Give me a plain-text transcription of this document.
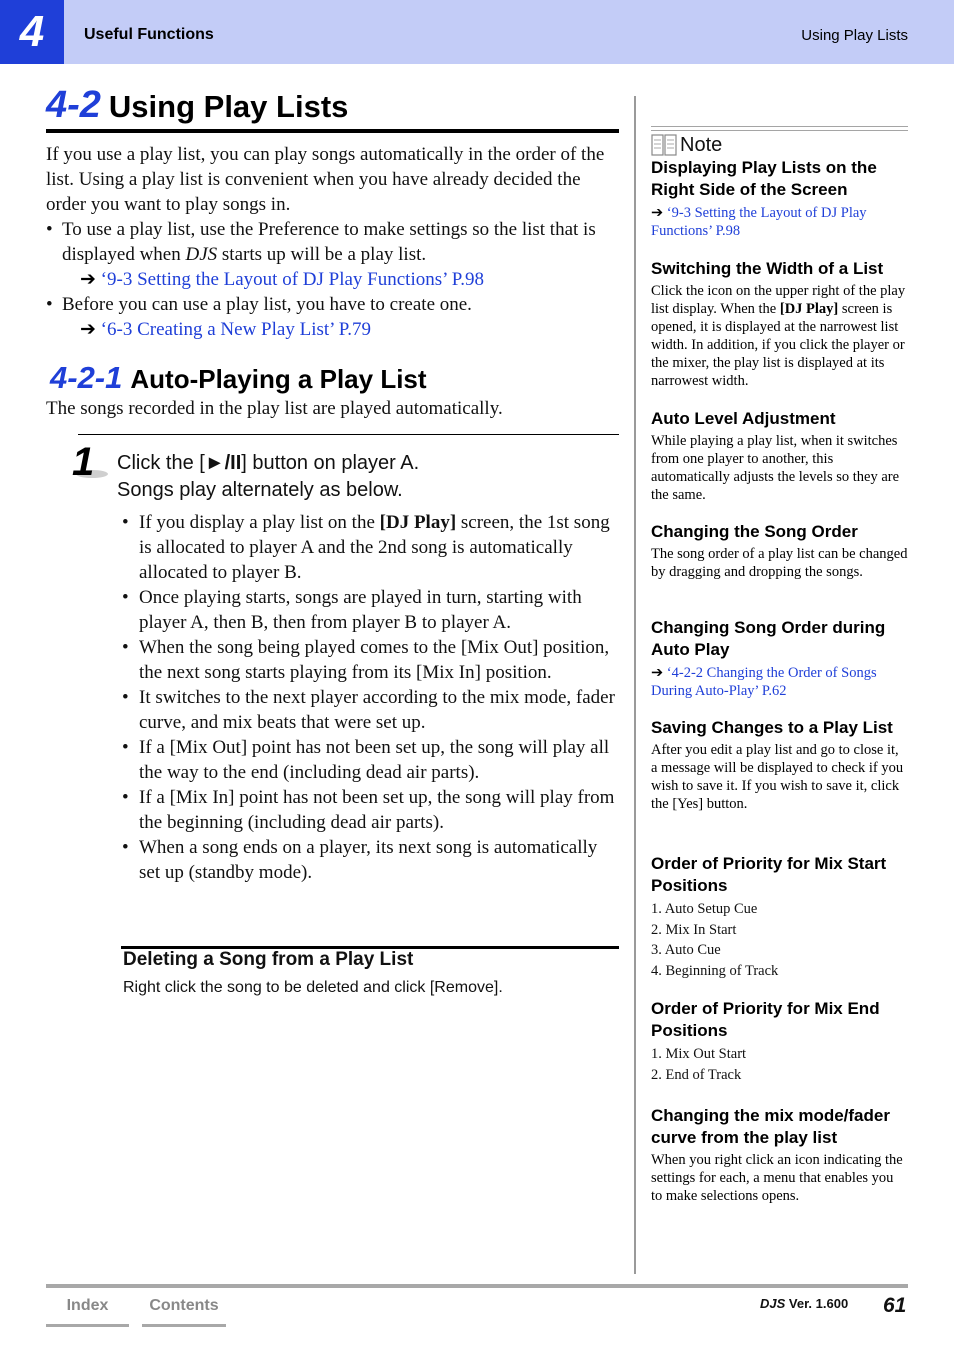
4	Useful Functions	Using Play Lists
4-2 Using Play Lists
If you use a play list, you can play songs automatically in the order of the list. Using a play list is convenient when you have already decided the order you want to play songs in.
• To use a play list, use the Preference to make settings so the list that is displayed when DJS starts up will be a play list.
➔ ‘9-3 Setting the Layout of DJ Play Functions’ P.98
• Before you can use a play list, you have to create one.
➔ ‘6-3 Creating a New Play List’ P.79
4-2-1 Auto-Playing a Play List
The songs recorded in the play list are played automatically.
1 Click the [►/II] button on player A.
Songs play alternately as below.
• If you display a play list on the [DJ Play] screen, the 1st song is allocated to player A and the 2nd song is automatically allocated to player B.
• Once playing starts, songs are played in turn, starting with player A, then B, then from player B to player A.
• When the song being played comes to the [Mix Out] position, the next song starts playing from its [Mix In] position.
• It switches to the next player according to the mix mode, fader curve, and mix beats that were set up.
• If a [Mix Out] point has not been set up, the song will play all the way to the end (including dead air parts).
• If a [Mix In] point has not been set up, the song will play from the beginning (including dead air parts).
• When a song ends on a player, its next song is automatically set up (standby mode).
Deleting a Song from a Play List
Right click the song to be deleted and click [Remove].
Note
Displaying Play Lists on the Right Side of the Screen
➔ ‘9-3 Setting the Layout of DJ Play Functions’ P.98
Switching the Width of a List
Click the icon on the upper right of the play list display. When the [DJ Play] screen is opened, it is displayed at the narrowest list width. In addition, if you click the player or the mixer, the play list is displayed at its narrowest width.
Auto Level Adjustment
While playing a play list, when it switches from one player to another, this automatically adjusts the levels so they are the same.
Changing the Song Order
The song order of a play list can be changed by dragging and dropping the songs.
Changing Song Order during Auto Play
➔ ‘4-2-2 Changing the Order of Songs During Auto-Play’ P.62
Saving Changes to a Play List
After you edit a play list and go to close it, a message will be displayed to check if you wish to save it. If you wish to save it, click the [Yes] button.
Order of Priority for Mix Start Positions
1. Auto Setup Cue
2. Mix In Start
3. Auto Cue
4. Beginning of Track
Order of Priority for Mix End Positions
1. Mix Out Start
2. End of Track
Changing the mix mode/fader curve from the play list
When you right click an icon indicating the settings for each, a menu that enables you to make selections opens.
Index	Contents	DJS Ver. 1.600 61
